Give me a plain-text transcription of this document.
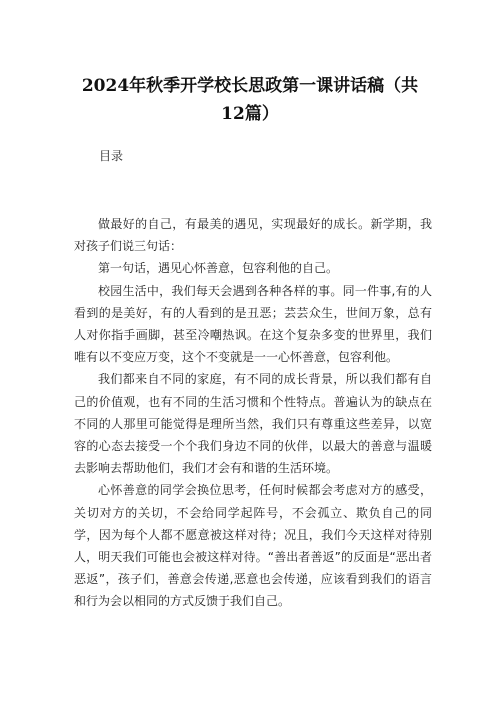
2024年秋季开学校长思政第一课讲话稿（共12篇）
目录

做最好的自己，有最美的遇见，实现最好的成长。新学期，我对孩子们说三句话：

第一句话，遇见心怀善意，包容利他的自己。

校园生活中，我们每天会遇到各种各样的事。同一件事,有的人看到的是美好，有的人看到的是丑恶；芸芸众生，世间万象，总有人对你指手画脚，甚至冷嘲热讽。在这个复杂多变的世界里，我们唯有以不变应万变，这个不变就是一一心怀善意，包容利他。

我们都来自不同的家庭，有不同的成长背景，所以我们都有自己的价值观，也有不同的生活习惯和个性特点。普遍认为的缺点在不同的人那里可能觉得是理所当然，我们只有尊重这些差异，以宽容的心态去接受一个个我们身边不同的伙伴，以最大的善意与温暖去影响去帮助他们，我们才会有和谐的生活环境。

心怀善意的同学会换位思考，任何时候都会考虑对方的感受，关切对方的关切，不会给同学起阵号，不会孤立、欺负自己的同学，因为每个人都不愿意被这样对待；况且，我们今天这样对待别人，明天我们可能也会被这样对待。“善出者善返”的反面是“恶出者恶返”，孩子们，善意会传递,恶意也会传递，应该看到我们的语言和行为会以相同的方式反馈于我们自己。
